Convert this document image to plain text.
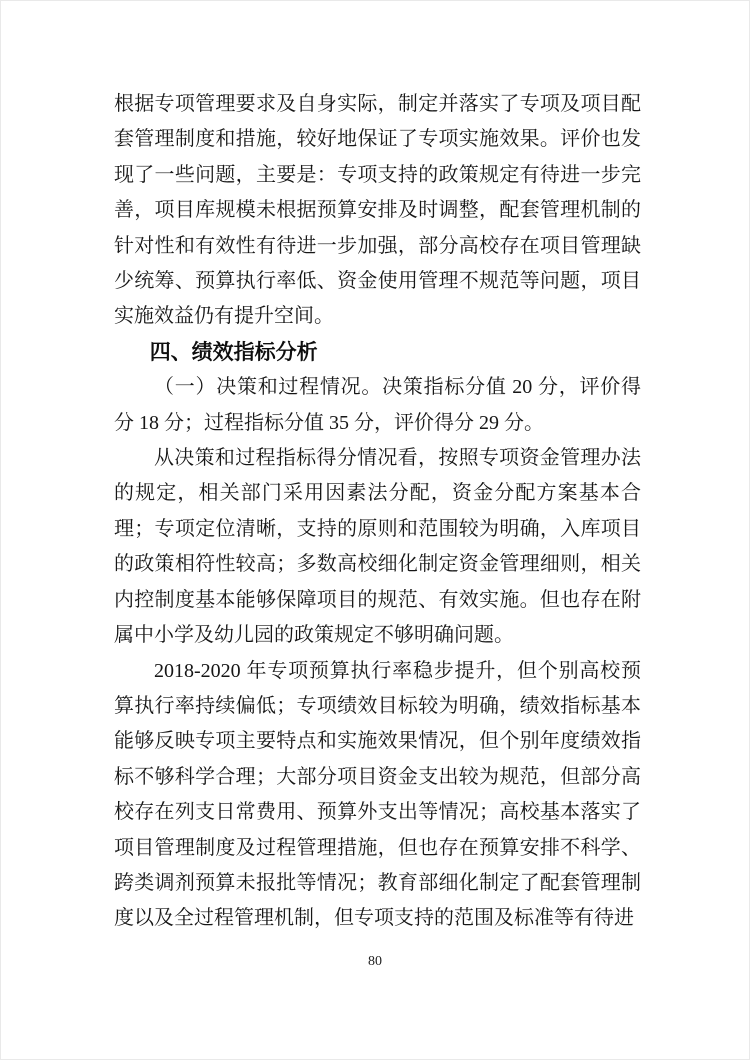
根据专项管理要求及自身实际，制定并落实了专项及项目配套管理制度和措施，较好地保证了专项实施效果。评价也发现了一些问题，主要是：专项支持的政策规定有待进一步完善，项目库规模未根据预算安排及时调整，配套管理机制的针对性和有效性有待进一步加强，部分高校存在项目管理缺少统筹、预算执行率低、资金使用管理不规范等问题，项目实施效益仍有提升空间。

四、绩效指标分析

（一）决策和过程情况。决策指标分值 20 分，评价得分 18 分；过程指标分值 35 分，评价得分 29 分。

从决策和过程指标得分情况看，按照专项资金管理办法的规定，相关部门采用因素法分配，资金分配方案基本合理；专项定位清晰，支持的原则和范围较为明确，入库项目的政策相符性较高；多数高校细化制定资金管理细则，相关内控制度基本能够保障项目的规范、有效实施。但也存在附属中小学及幼儿园的政策规定不够明确问题。

2018-2020 年专项预算执行率稳步提升，但个别高校预算执行率持续偏低；专项绩效目标较为明确，绩效指标基本能够反映专项主要特点和实施效果情况，但个别年度绩效指标不够科学合理；大部分项目资金支出较为规范，但部分高校存在列支日常费用、预算外支出等情况；高校基本落实了项目管理制度及过程管理措施，但也存在预算安排不科学、跨类调剂预算未报批等情况；教育部细化制定了配套管理制度以及全过程管理机制，但专项支持的范围及标准等有待进

80
